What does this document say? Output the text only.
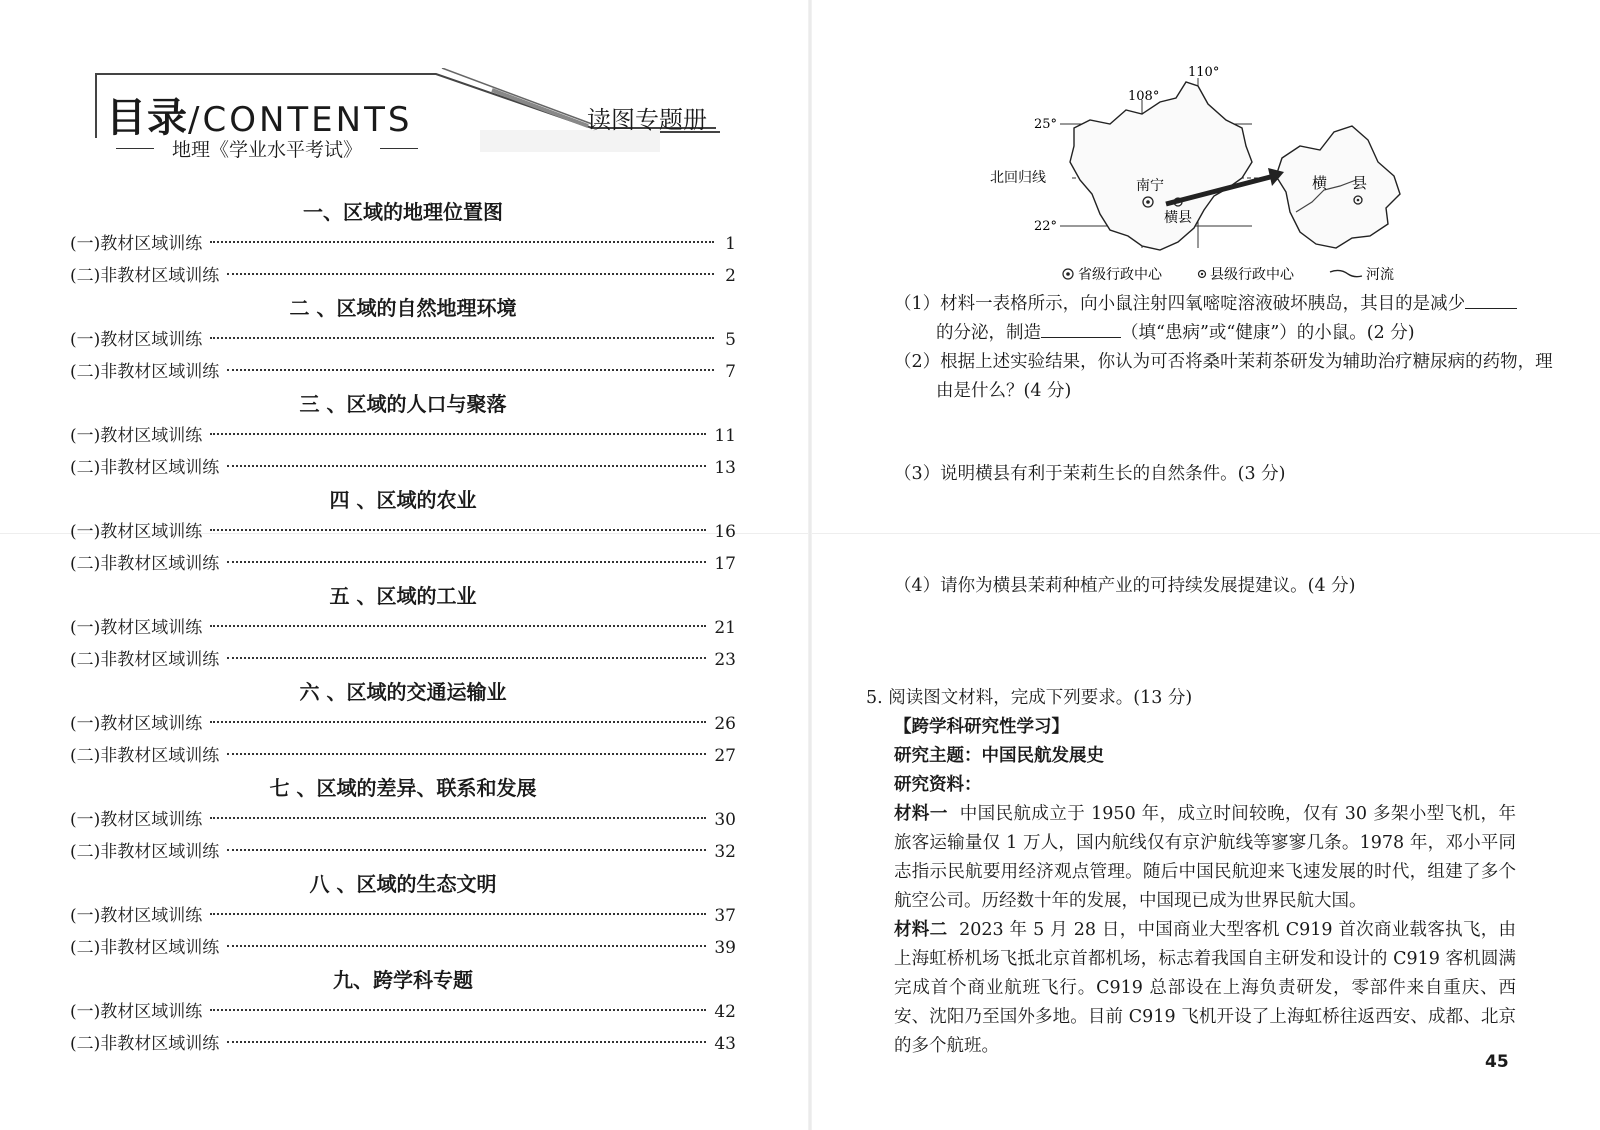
目录/CONTENTS
地理《学业水平考试》
读图专题册
一、区域的地理位置图
(一)教材区域训练	1
(二)非教材区域训练	2
二 、区域的自然地理环境
(一)教材区域训练	5
(二)非教材区域训练	7
三 、区域的人口与聚落
(一)教材区域训练	11
(二)非教材区域训练	13
四 、区域的农业
(一)教材区域训练	16
(二)非教材区域训练	17
五 、区域的工业
(一)教材区域训练	21
(二)非教材区域训练	23
六 、区域的交通运输业
(一)教材区域训练	26
(二)非教材区域训练	27
七 、区域的差异、联系和发展
(一)教材区域训练	30
(二)非教材区域训练	32
八 、区域的生态文明
(一)教材区域训练	37
(二)非教材区域训练	39
九、跨学科专题
(一)教材区域训练	42
(二)非教材区域训练	43
110°
108°
25°
22°
北回归线	南宁
横县
横 县
省级行政中心	县级行政中心	河流
（1）材料一表格所示，向小鼠注射四氧嘧啶溶液破坏胰岛，其目的是减少
的分泌，制造	（填“患病”或“健康”）的小鼠。(2 分)
（2）根据上述实验结果，你认为可否将桑叶茉莉茶研发为辅助治疗糖尿病的药物，理由是什么？(4 分)
（3）说明横县有利于茉莉生长的自然条件。(3 分)
（4）请你为横县茉莉种植产业的可持续发展提建议。(4 分)
5. 阅读图文材料，完成下列要求。(13 分)
【跨学科研究性学习】
研究主题：中国民航发展史
研究资料：
材料一 中国民航成立于 1950 年，成立时间较晚，仅有 30 多架小型飞机，年旅客运输量仅 1 万人，国内航线仅有京沪航线等寥寥几条。1978 年，邓小平同志指示民航要用经济观点管理。随后中国民航迎来飞速发展的时代，组建了多个航空公司。历经数十年的发展，中国现已成为世界民航大国。
材料二 2023 年 5 月 28 日，中国商业大型客机 C919 首次商业载客执飞，由上海虹桥机场飞抵北京首都机场，标志着我国自主研发和设计的 C919 客机圆满完成首个商业航班飞行。C919 总部设在上海负责研发，零部件来自重庆、西安、沈阳乃至国外多地。目前 C919 飞机开设了上海虹桥往返西安、成都、北京的多个航班。
45
